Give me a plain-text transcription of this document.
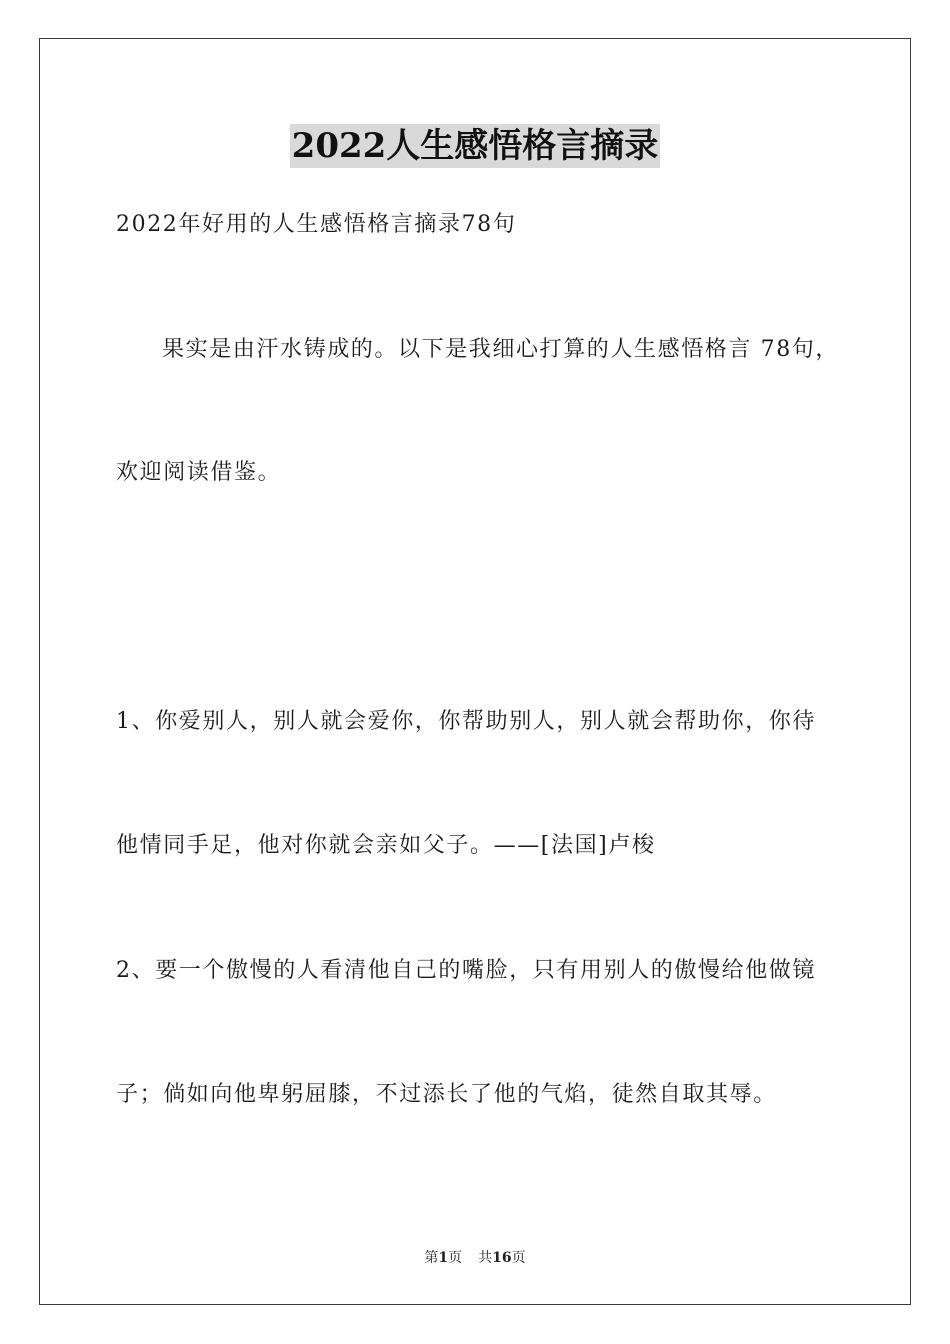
2022人生感悟格言摘录
2022年好用的人生感悟格言摘录78句
果实是由汗水铸成的。以下是我细心打算的人生感悟格言 78句，
欢迎阅读借鉴。
1、你爱别人，别人就会爱你，你帮助别人，别人就会帮助你，你待
他情同手足，他对你就会亲如父子。——[法国]卢梭
2、要一个傲慢的人看清他自己的嘴脸，只有用别人的傲慢给他做镜
子；倘如向他卑躬屈膝，不过添长了他的气焰，徒然自取其辱。
第1页 共16页
